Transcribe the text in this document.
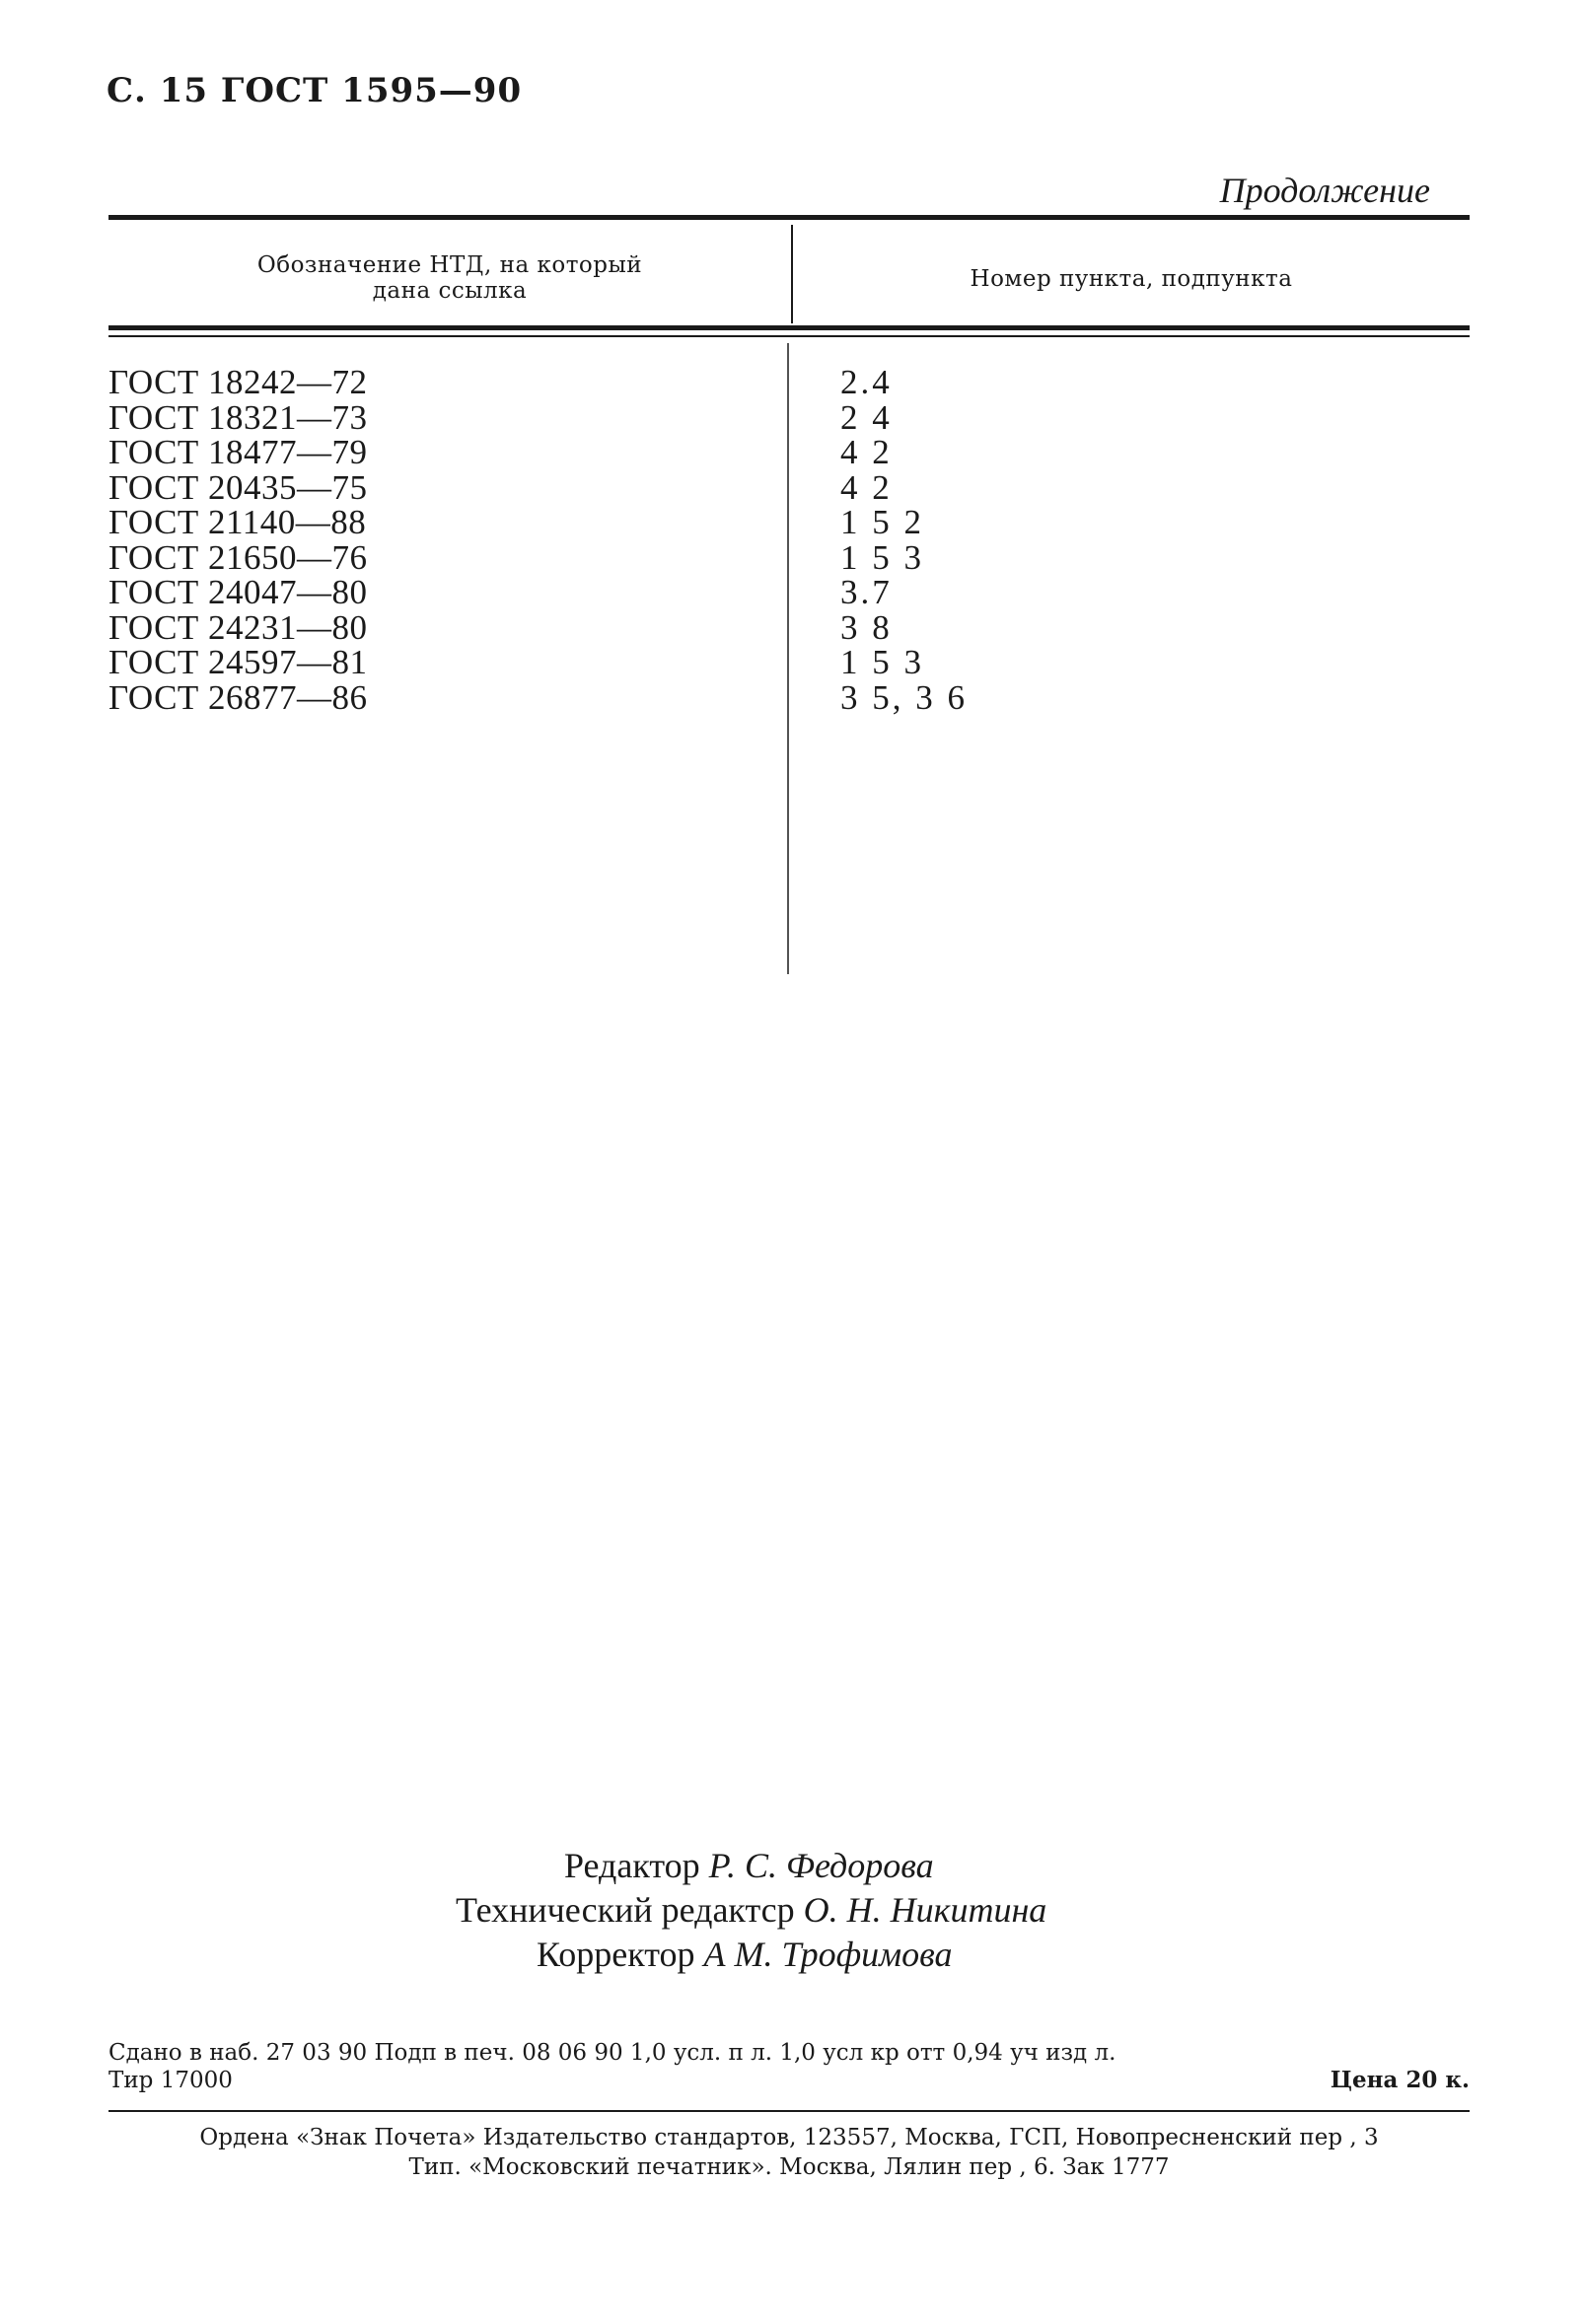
С. 15 ГОСТ 1595—90
Продолжение
Обозначение НТД, на который
дана ссылка	Номер пункта, подпункта
ГОСТ 18242—72	2.4
ГОСТ 18321—73	2 4
ГОСТ 18477—79	4 2
ГОСТ 20435—75	4 2
ГОСТ 21140—88	1 5 2
ГОСТ 21650—76	1 5 3
ГОСТ 24047—80	3.7
ГОСТ 24231—80	3 8
ГОСТ 24597—81	1 5 3
ГОСТ 26877—86	3 5, 3 6
Редактор Р. С. Федорова
Технический редактср О. Н. Никитина
Корректор А М. Трофимова
Сдано в наб. 27 03 90 Подп в печ. 08 06 90 1,0 усл. п л. 1,0 усл кр отт 0,94 уч изд л.
Тир 17000	Цена 20 к.
Ордена «Знак Почета» Издательство стандартов, 123557, Москва, ГСП, Новопресненский пер , 3
Тип. «Московский печатник». Москва, Лялин пер , 6. Зак 1777
